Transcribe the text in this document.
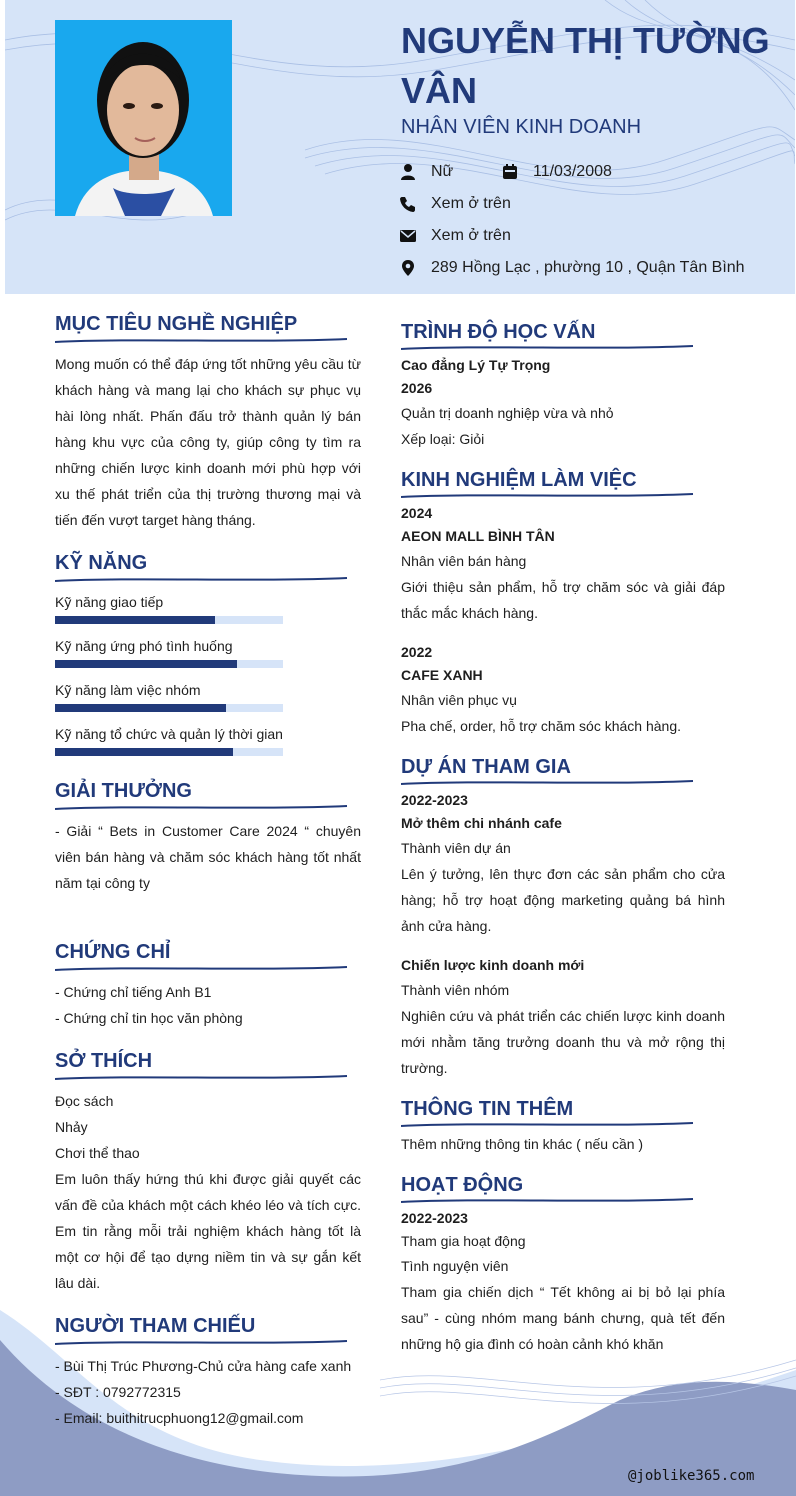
NGUYỄN THỊ TƯỜNG VÂN
NHÂN VIÊN KINH DOANH
Nữ	11/03/2008
Xem ở trên
Xem ở trên
289 Hồng Lạc , phường 10 , Quận Tân Bình
MỤC TIÊU NGHỀ NGHIỆP
Mong muốn có thể đáp ứng tốt những yêu cầu từ khách hàng và mang lại cho khách sự phục vụ hài lòng nhất. Phấn đấu trở thành quản lý bán hàng khu vực của công ty, giúp công ty tìm ra những chiến lược kinh doanh mới phù hợp với xu thế phát triển của thị trường thương mại và tiến đến vượt target hàng tháng.
KỸ NĂNG
Kỹ năng giao tiếp
Kỹ năng ứng phó tình huống
Kỹ năng làm việc nhóm
Kỹ năng tổ chức và quản lý thời gian
GIẢI THƯỞNG
- Giải “ Bets in Customer Care 2024 “ chuyên viên bán hàng và chăm sóc khách hàng tốt nhất năm tại công ty
CHỨNG CHỈ
- Chứng chỉ tiếng Anh B1
- Chứng chỉ tin học văn phòng
SỞ THÍCH
Đọc sách
Nhảy
Chơi thể thao
Em luôn thấy hứng thú khi được giải quyết các vấn đề của khách một cách khéo léo và tích cực. Em tin rằng mỗi trải nghiệm khách hàng tốt là một cơ hội để tạo dựng niềm tin và sự gắn kết lâu dài.
NGƯỜI THAM CHIẾU
- Bùi Thị Trúc Phương-Chủ cửa hàng cafe xanh
- SĐT : 0792772315
- Email: buithitrucphuong12@gmail.com
TRÌNH ĐỘ HỌC VẤN
Cao đẳng Lý Tự Trọng
2026
Quản trị doanh nghiệp vừa và nhỏ
Xếp loại: Giỏi
KINH NGHIỆM LÀM VIỆC
2024
AEON MALL BÌNH TÂN
Nhân viên bán hàng
Giới thiệu sản phẩm, hỗ trợ chăm sóc và giải đáp thắc mắc khách hàng.
2022
CAFE XANH
Nhân viên phục vụ
Pha chế, order, hỗ trợ chăm sóc khách hàng.
DỰ ÁN THAM GIA
2022-2023
Mở thêm chi nhánh cafe
Thành viên dự án
Lên ý tưởng, lên thực đơn các sản phẩm cho cửa hàng; hỗ trợ hoạt động marketing quảng bá hình ảnh cửa hàng.
Chiến lược kinh doanh mới
Thành viên nhóm
Nghiên cứu và phát triển các chiến lược kinh doanh mới nhằm tăng trưởng doanh thu và mở rộng thị trường.
THÔNG TIN THÊM
Thêm những thông tin khác ( nếu cần )
HOẠT ĐỘNG
2022-2023
Tham gia hoạt động
Tình nguyện viên
Tham gia chiến dịch “ Tết không ai bị bỏ lại phía sau” - cùng nhóm mang bánh chưng, quà tết đến những hộ gia đình có hoàn cảnh khó khăn
@joblike365.com
